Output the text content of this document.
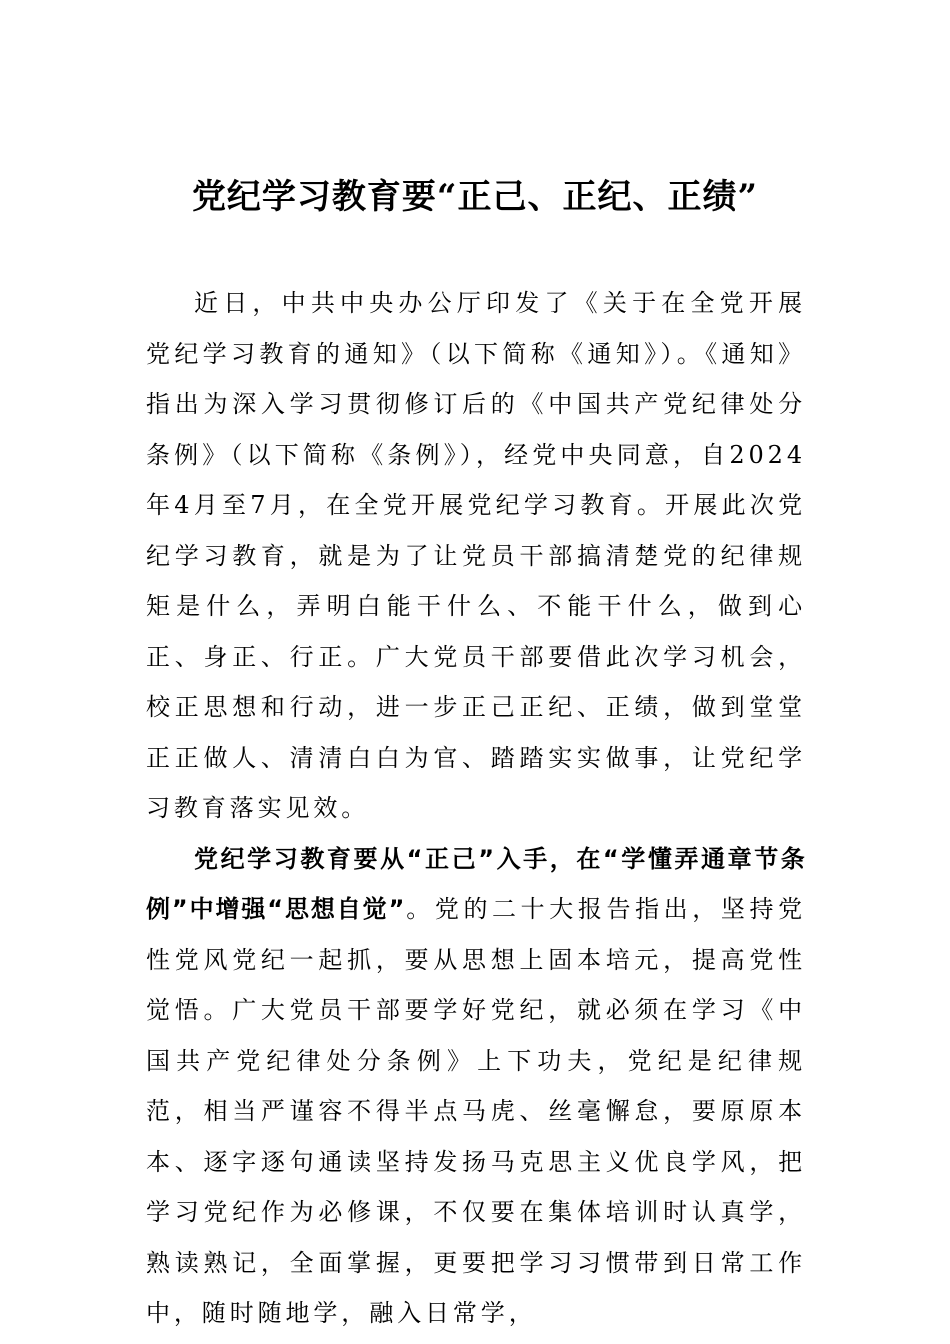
党纪学习教育要“正己、正纪、正绩”

近日，中共中央办公厅印发了《关于在全党开展党纪学习教育的通知》（以下简称《通知》）。《通知》指出为深入学习贯彻修订后的《中国共产党纪律处分条例》（以下简称《条例》），经党中央同意，自2024年4月至7月，在全党开展党纪学习教育。开展此次党纪学习教育，就是为了让党员干部搞清楚党的纪律规矩是什么，弄明白能干什么、不能干什么，做到心正、身正、行正。广大党员干部要借此次学习机会，校正思想和行动，进一步正己正纪、正绩，做到堂堂正正做人、清清白白为官、踏踏实实做事，让党纪学习教育落实见效。

党纪学习教育要从“正己”入手，在“学懂弄通章节条例”中增强“思想自觉”。党的二十大报告指出，坚持党性党风党纪一起抓，要从思想上固本培元，提高党性觉悟。广大党员干部要学好党纪，就必须在学习《中国共产党纪律处分条例》上下功夫，党纪是纪律规范，相当严谨容不得半点马虎、丝毫懈怠，要原原本本、逐字逐句通读坚持发扬马克思主义优良学风，把学习党纪作为必修课，不仅要在集体培训时认真学，熟读熟记，全面掌握，更要把学习习惯带到日常工作中，随时随地学，融入日常学，
